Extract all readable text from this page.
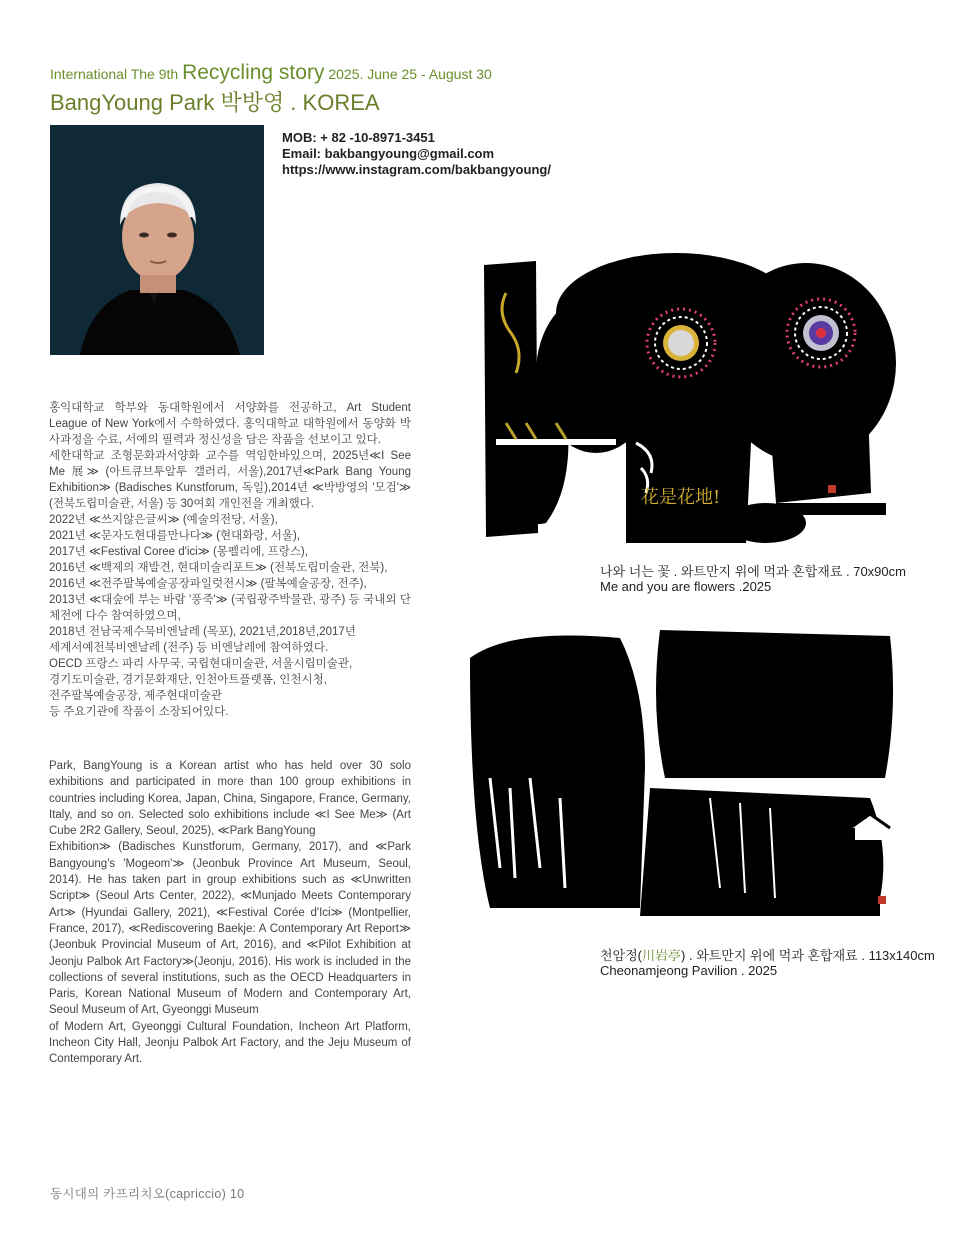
International The 9th Recycling story 2025. June 25 - August 30
BangYoung Park 박방영 . KOREA
MOB: + 82 -10-8971-3451
Email: bakbangyoung@gmail.com
https://www.instagram.com/bakbangyoung/

홍익대학교 학부와 동대학원에서 서양화를 전공하고, Art Student League of New York에서 수학하였다. 홍익대학교 대학원에서 동양화 박사과정을 수료, 서예의 필력과 정신성을 담은 작품을 선보이고 있다.

세한대학교 조형문화과서양화 교수를 역임한바있으며, 2025년≪I See Me 展≫ (아트큐브투알투 갤러리, 서울),2017년≪Park Bang Young Exhibition≫ (Badisches Kunstforum, 독일),2014년 ≪박방영의 '모검'≫ (전북도립미술관, 서울) 등 30여회 개인전을 개최했다.

2022년 ≪쓰지않은글씨≫ (예술의전당, 서울),

2021년 ≪문자도현대를만나다≫ (현대화랑, 서울),

2017년 ≪Festival Coree d'ici≫ (몽펠리에, 프랑스),

2016년 ≪백제의 재발견, 현대미술리포트≫ (전북도립미술관, 전북),

2016년 ≪전주팔복예술공장파일럿전시≫ (팔복예술공장, 전주),

2013년 ≪대숲에 부는 바람 '풍죽'≫ (국립광주박물관, 광주) 등 국내외 단체전에 다수 참여하였으며,

2018년 전남국제수묵비엔날레 (목포), 2021년,2018년,2017년

세계서예전북비엔날레 (전주) 등 비엔날레에 참여하였다.

OECD 프랑스 파리 사무국, 국립현대미술관, 서울시립미술관,

경기도미술관, 경기문화재단, 인천아트플랫폼, 인천시청,

전주팔복예술공장, 제주현대미술관

등 주요기관에 작품이 소장되어있다.

Park, BangYoung is a Korean artist who has held over 30 solo exhibitions and participated in more than 100 group exhibitions in countries including Korea, Japan, China, Singapore, France, Germany, Italy, and so on. Selected solo exhibitions include ≪I See Me≫ (Art Cube 2R2 Gallery, Seoul, 2025), ≪Park BangYoung

Exhibition≫ (Badisches Kunstforum, Germany, 2017), and ≪Park Bangyoung's 'Mogeom'≫ (Jeonbuk Province Art Museum, Seoul, 2014). He has taken part in group exhibitions such as ≪Unwritten Script≫ (Seoul Arts Center, 2022), ≪Munjado Meets Contemporary Art≫ (Hyundai Gallery, 2021), ≪Festival Corée d'Ici≫ (Montpellier, France, 2017), ≪Rediscovering Baekje: A Contemporary Art Report≫ (Jeonbuk Provincial Museum of Art, 2016), and ≪Pilot Exhibition at Jeonju Palbok Art Factory≫(Jeonju, 2016). His work is included in the collections of several institutions, such as the OECD Headquarters in Paris, Korean National Museum of Modern and Contemporary Art, Seoul Museum of Art, Gyeonggi Museum

of Modern Art, Gyeonggi Cultural Foundation, Incheon Art Platform, Incheon City Hall, Jeonju Palbok Art Factory, and the Jeju Museum of Contemporary Art.

花是花地!
나와 너는 꽃 . 와트만지 위에 먹과 혼합재료 . 70x90cm
Me and you are flowers .2025
천암정(川岩亭) . 와트만지 위에 먹과 혼합재료 . 113x140cm
Cheonamjeong Pavilion . 2025
동시대의 카프리치오(capriccio) 10
